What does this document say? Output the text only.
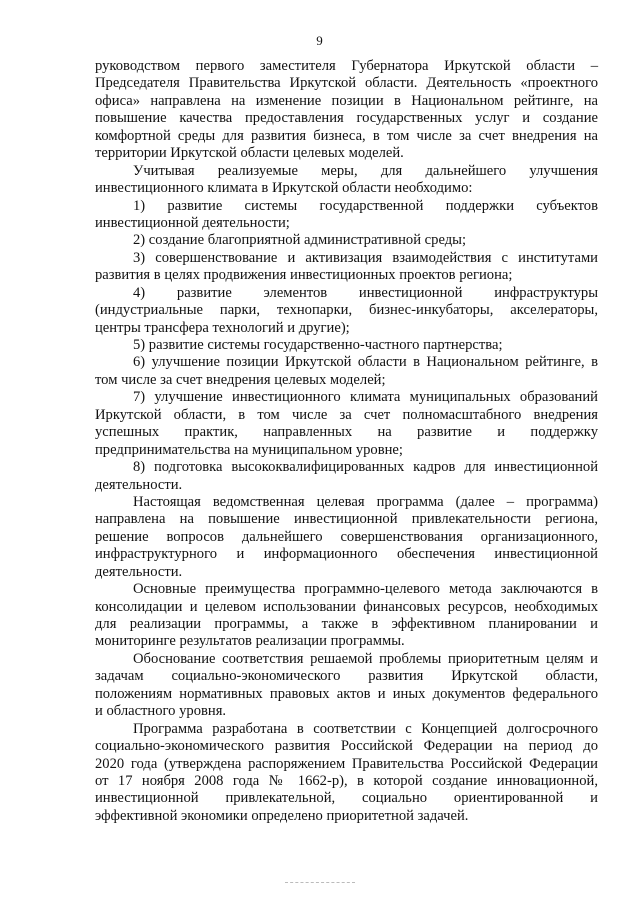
9
руководством первого заместителя Губернатора Иркутской области –
Председателя Правительства Иркутской области. Деятельность «проектного
офиса» направлена на изменение позиции в Национальном рейтинге, на
повышение качества предоставления государственных услуг и создание
комфортной среды для развития бизнеса, в том числе за счет внедрения на
территории Иркутской области целевых моделей.
Учитывая реализуемые меры, для дальнейшего улучшения
инвестиционного климата в Иркутской области необходимо:
1) развитие системы государственной поддержки субъектов
инвестиционной деятельности;
2) создание благоприятной административной среды;
3) совершенствование и активизация взаимодействия с институтами
развития в целях продвижения инвестиционных проектов региона;
4) развитие элементов инвестиционной инфраструктуры
(индустриальные парки, технопарки, бизнес-инкубаторы, акселераторы,
центры трансфера технологий и другие);
5) развитие системы государственно-частного партнерства;
6) улучшение позиции Иркутской области в Национальном рейтинге, в
том числе за счет внедрения целевых моделей;
7) улучшение инвестиционного климата муниципальных образований
Иркутской области, в том числе за счет полномасштабного внедрения
успешных практик, направленных на развитие и поддержку
предпринимательства на муниципальном уровне;
8) подготовка высококвалифицированных кадров для инвестиционной
деятельности.
Настоящая ведомственная целевая программа (далее – программа)
направлена на повышение инвестиционной привлекательности региона,
решение вопросов дальнейшего совершенствования организационного,
инфраструктурного и информационного обеспечения инвестиционной
деятельности.
Основные преимущества программно-целевого метода заключаются в
консолидации и целевом использовании финансовых ресурсов, необходимых
для реализации программы, а также в эффективном планировании и
мониторинге результатов реализации программы.
Обоснование соответствия решаемой проблемы приоритетным целям и
задачам социально-экономического развития Иркутской области,
положениям нормативных правовых актов и иных документов федерального
и областного уровня.
Программа разработана в соответствии с Концепцией долгосрочного
социально-экономического развития Российской Федерации на период до
2020 года (утверждена распоряжением Правительства Российской Федерации
от 17 ноября 2008 года № 1662-р), в которой создание инновационной,
инвестиционной привлекательной, социально ориентированной и
эффективной экономики определено приоритетной задачей.
